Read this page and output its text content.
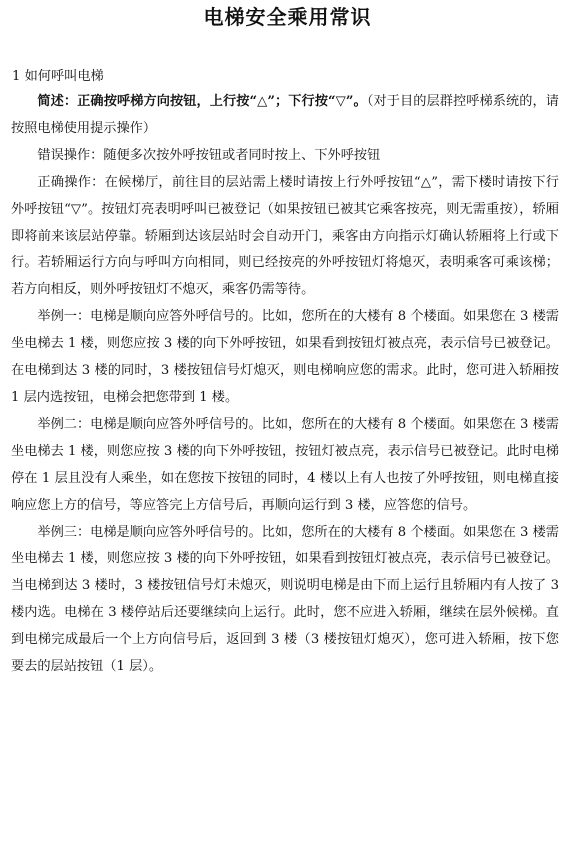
电梯安全乘用常识
1 如何呼叫电梯

简述：正确按呼梯方向按钮，上行按“△”；下行按“▽”。（对于目的层群控呼梯系统的，请按照电梯使用提示操作）

错误操作：随便多次按外呼按钮或者同时按上、下外呼按钮

正确操作：在候梯厅，前往目的层站需上楼时请按上行外呼按钮“△”，需下楼时请按下行外呼按钮“▽”。按钮灯亮表明呼叫已被登记（如果按钮已被其它乘客按亮，则无需重按），轿厢即将前来该层站停靠。轿厢到达该层站时会自动开门，乘客由方向指示灯确认轿厢将上行或下行。若轿厢运行方向与呼叫方向相同，则已经按亮的外呼按钮灯将熄灭，表明乘客可乘该梯；若方向相反，则外呼按钮灯不熄灭，乘客仍需等待。

举例一：电梯是顺向应答外呼信号的。比如，您所在的大楼有 8 个楼面。如果您在 3 楼需坐电梯去 1 楼，则您应按 3 楼的向下外呼按钮，如果看到按钮灯被点亮，表示信号已被登记。在电梯到达 3 楼的同时，3 楼按钮信号灯熄灭，则电梯响应您的需求。此时，您可进入轿厢按 1 层内选按钮，电梯会把您带到 1 楼。

举例二：电梯是顺向应答外呼信号的。比如，您所在的大楼有 8 个楼面。如果您在 3 楼需坐电梯去 1 楼，则您应按 3 楼的向下外呼按钮，按钮灯被点亮，表示信号已被登记。此时电梯停在 1 层且没有人乘坐，如在您按下按钮的同时，4 楼以上有人也按了外呼按钮，则电梯直接响应您上方的信号，等应答完上方信号后，再顺向运行到 3 楼，应答您的信号。

举例三：电梯是顺向应答外呼信号的。比如，您所在的大楼有 8 个楼面。如果您在 3 楼需坐电梯去 1 楼，则您应按 3 楼的向下外呼按钮，如果看到按钮灯被点亮，表示信号已被登记。当电梯到达 3 楼时，3 楼按钮信号灯未熄灭，则说明电梯是由下而上运行且轿厢内有人按了 3 楼内选。电梯在 3 楼停站后还要继续向上运行。此时，您不应进入轿厢，继续在层外候梯。直到电梯完成最后一个上方向信号后，返回到 3 楼（3 楼按钮灯熄灭），您可进入轿厢，按下您要去的层站按钮（1 层）。
